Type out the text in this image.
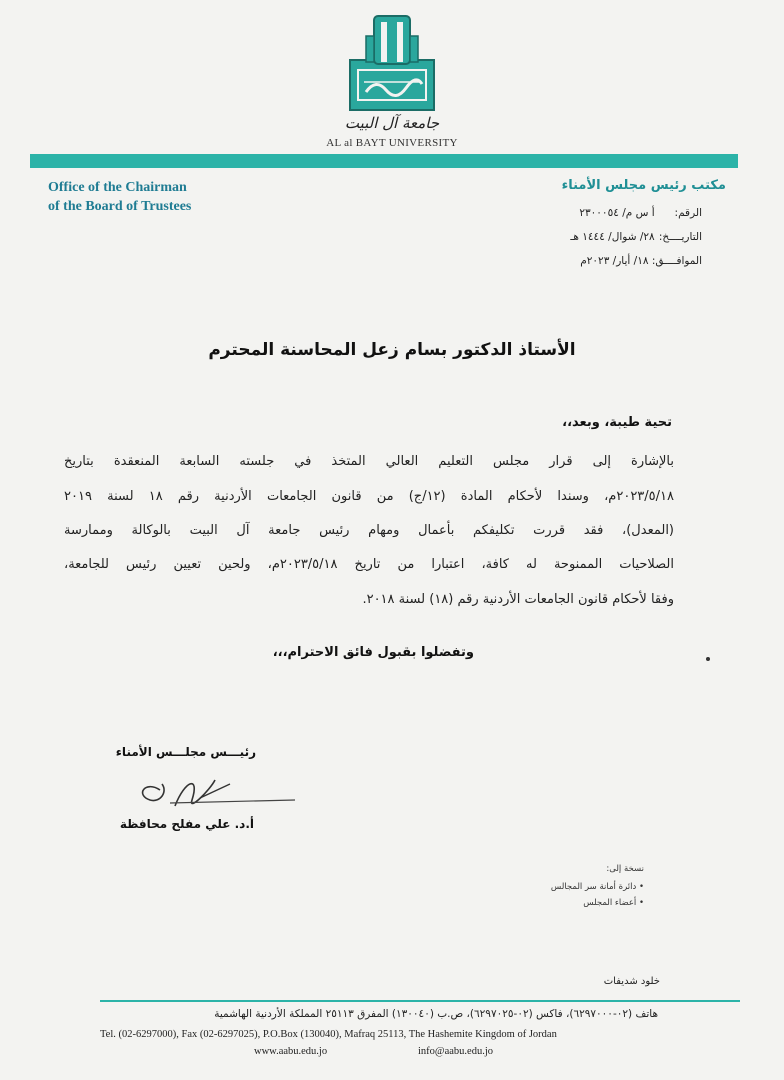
جامعة آل البيت
AL al BAYT UNIVERSITY
Office of the Chairman
of the Board of Trustees
مكتب رئيس مجلس الأمناء
الرقم: أ س م/ ٢٣٠٠٠٥٤
التاريــــخ: ٢٨/ شوال/ ١٤٤٤ هـ
الموافــــق: ١٨/ أيار/ ٢٠٢٣م
الأستاذ الدكتور بسام زعل المحاسنة المحترم
تحية طيبة، وبعد،،
بالإشارة إلى قرار مجلس التعليم العالي المتخذ في جلسته السابعة المنعقدة بتاريخ
٢٠٢٣/٥/١٨م، وسندا لأحكام المادة (١٢/ج) من قانون الجامعات الأردنية رقم ١٨ لسنة ٢٠١٩
(المعدل)، فقد قررت تكليفكم بأعمال ومهام رئيس جامعة آل البيت بالوكالة وممارسة
الصلاحيات الممنوحة له كافة، اعتبارا من تاريخ ٢٠٢٣/٥/١٨م، ولحين تعيين رئيس للجامعة،
وفقا لأحكام قانون الجامعات الأردنية رقم (١٨) لسنة ٢٠١٨.
وتفضلوا بقبول فائق الاحترام،،،
رئيـــس مجلـــس الأمناء
أ.د. علي مفلح محافظة
نسخة إلى:
• دائرة أمانة سر المجالس
• أعضاء المجلس
خلود شديفات
هاتف (٠٢-٦٢٩٧٠٠٠)، فاكس (٠٢-٦٢٩٧٠٢٥)، ص.ب (١٣٠٠٤٠) المفرق ٢٥١١٣ المملكة الأردنية الهاشمية
Tel. (02-6297000), Fax (02-6297025), P.O.Box (130040), Mafraq 25113, The Hashemite Kingdom of Jordan
www.aabu.edu.jo	info@aabu.edu.jo
